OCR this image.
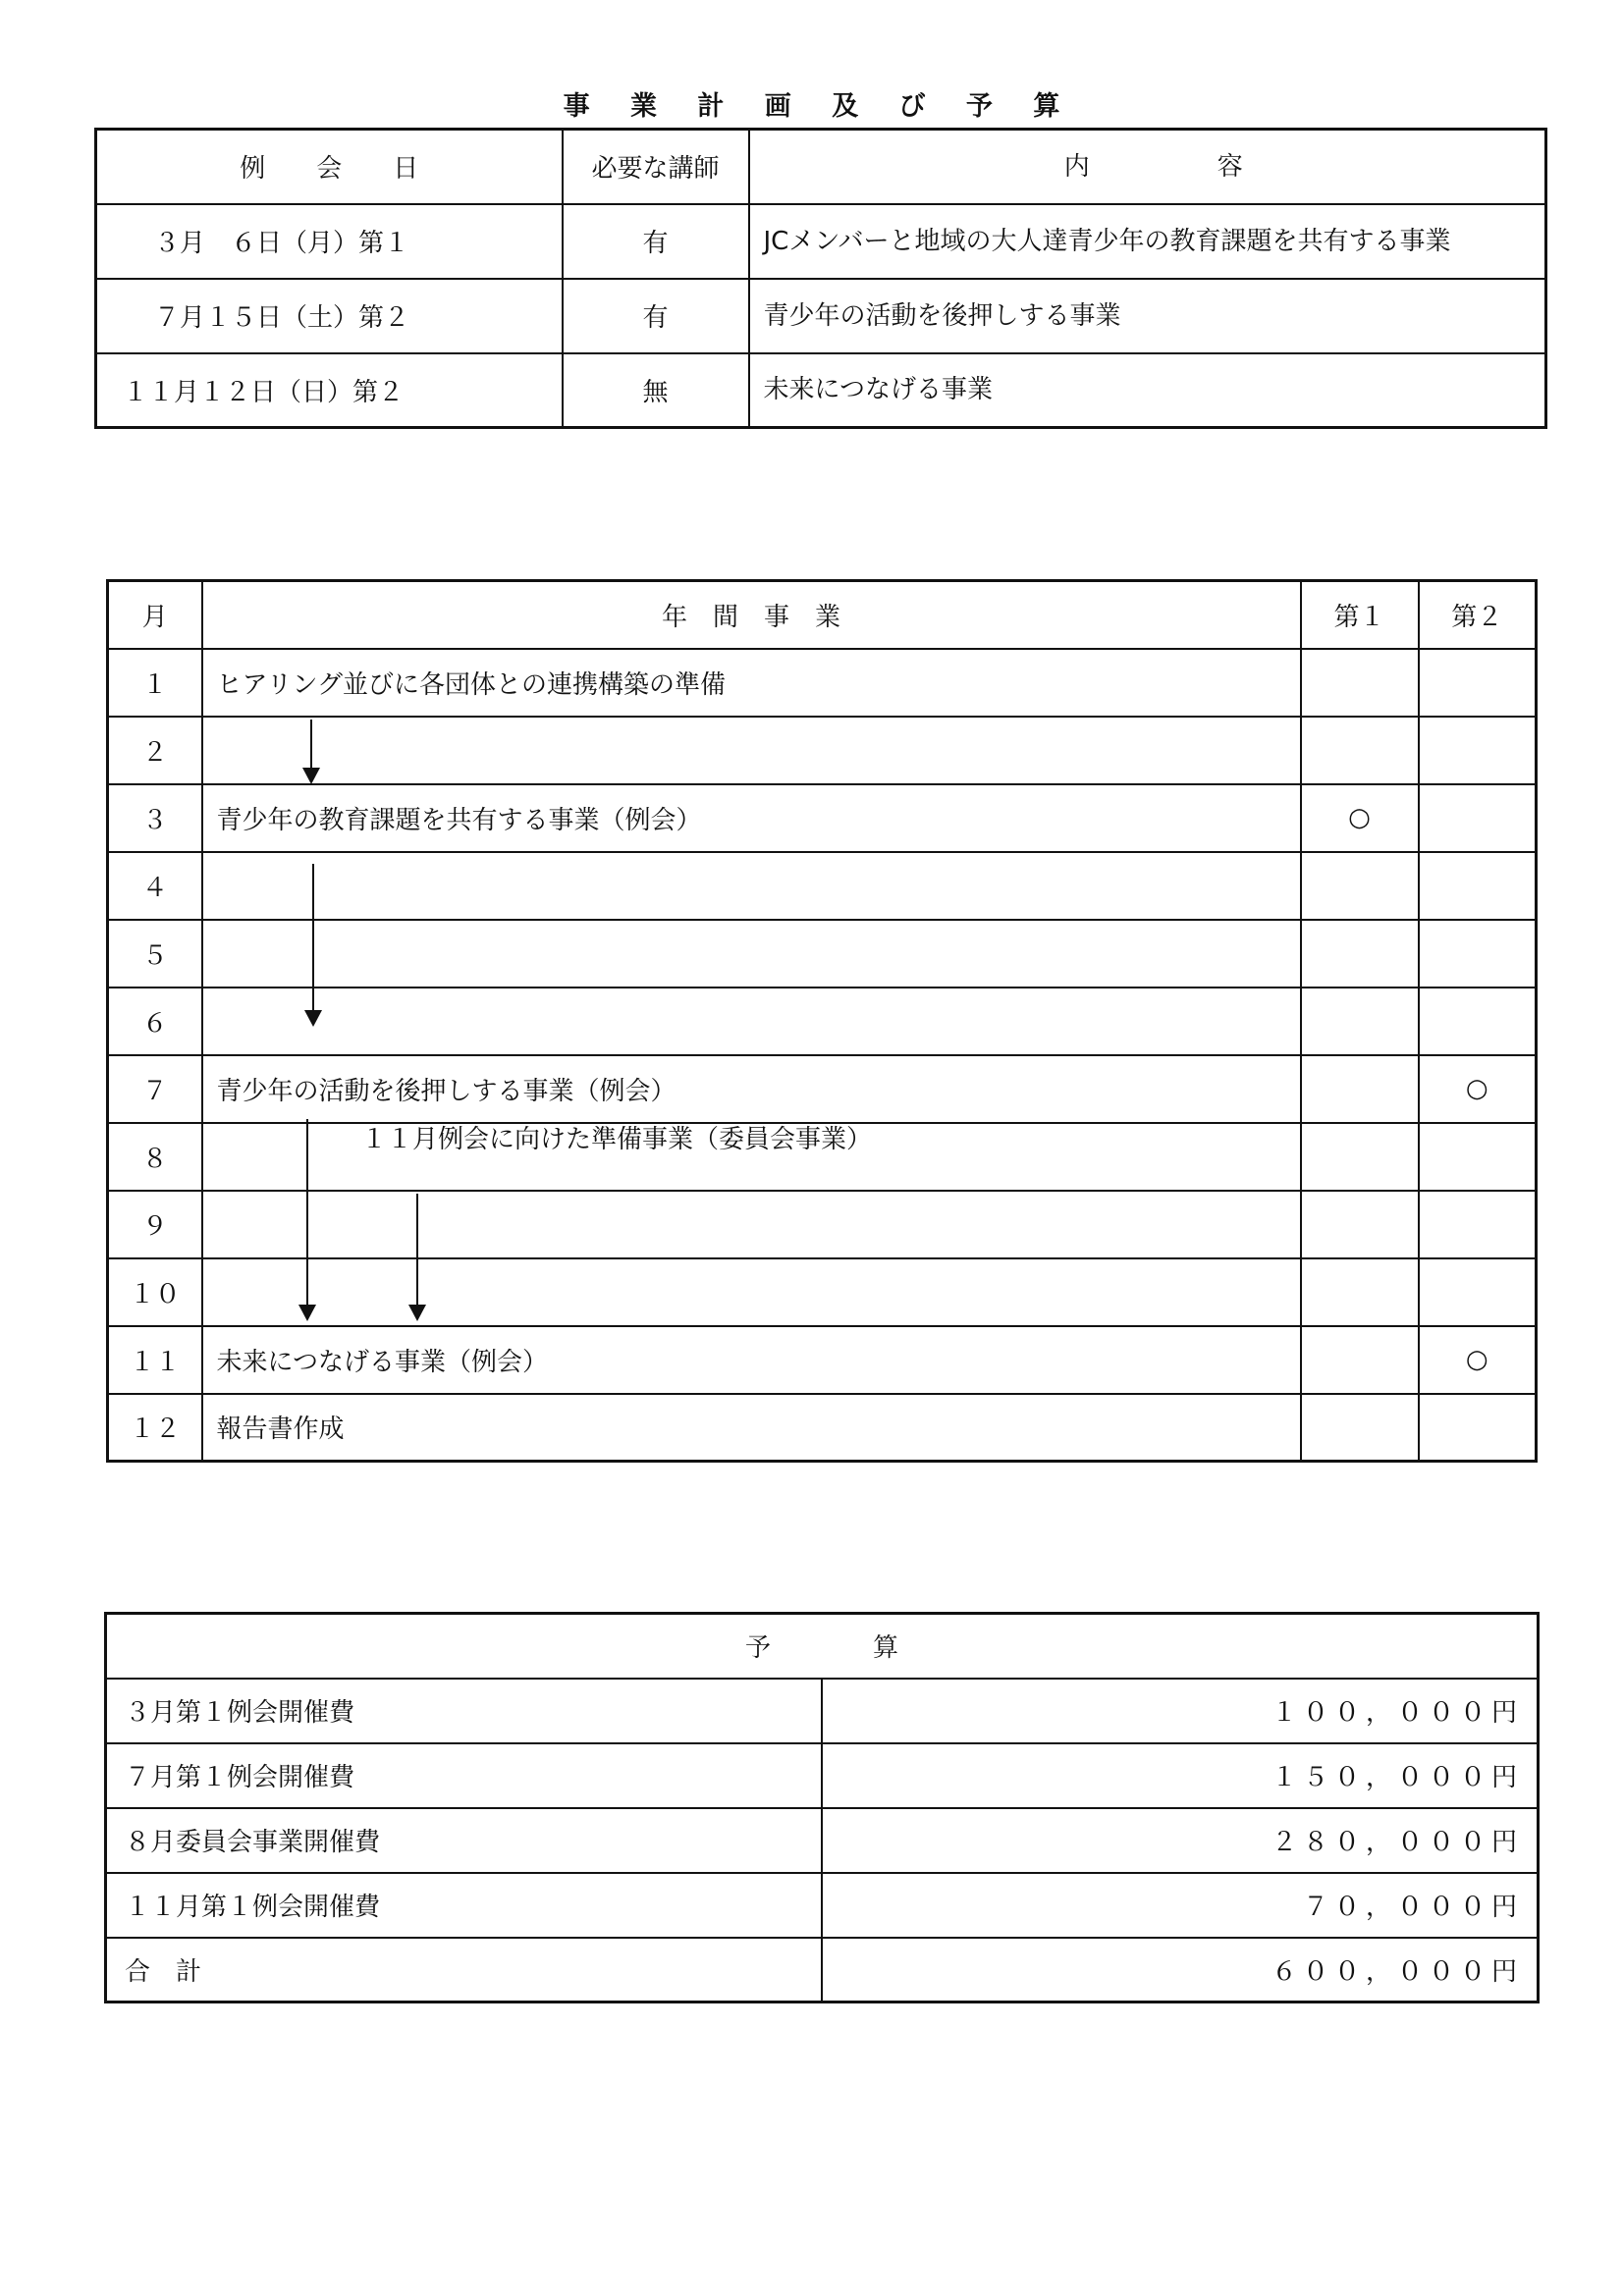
事 業 計 画 及 び 予 算
例　　会　　日	必要な講師	内　　　　　容
３月　６日（月）第１	有	JCメンバーと地域の大人達青少年の教育課題を共有する事業
７月１５日（土）第２	有	青少年の活動を後押しする事業
１１月１２日（日）第２	無	未来につなげる事業
月	年　間　事　業	第１	第２
１	ヒアリング並びに各団体との連携構築の準備		
２			
３	青少年の教育課題を共有する事業（例会）	○	
４			
５			
６			
７	青少年の活動を後押しする事業（例会）		○
８			
９			
１０			
１１	未来につなげる事業（例会）		○
１２	報告書作成		
１１月例会に向けた準備事業（委員会事業）
予　　　　算	
３月第１例会開催費	１００，０００円
７月第１例会開催費	１５０，０００円
８月委員会事業開催費	２８０，０００円
１１月第１例会開催費	７０，０００円
合　計	６００，０００円
